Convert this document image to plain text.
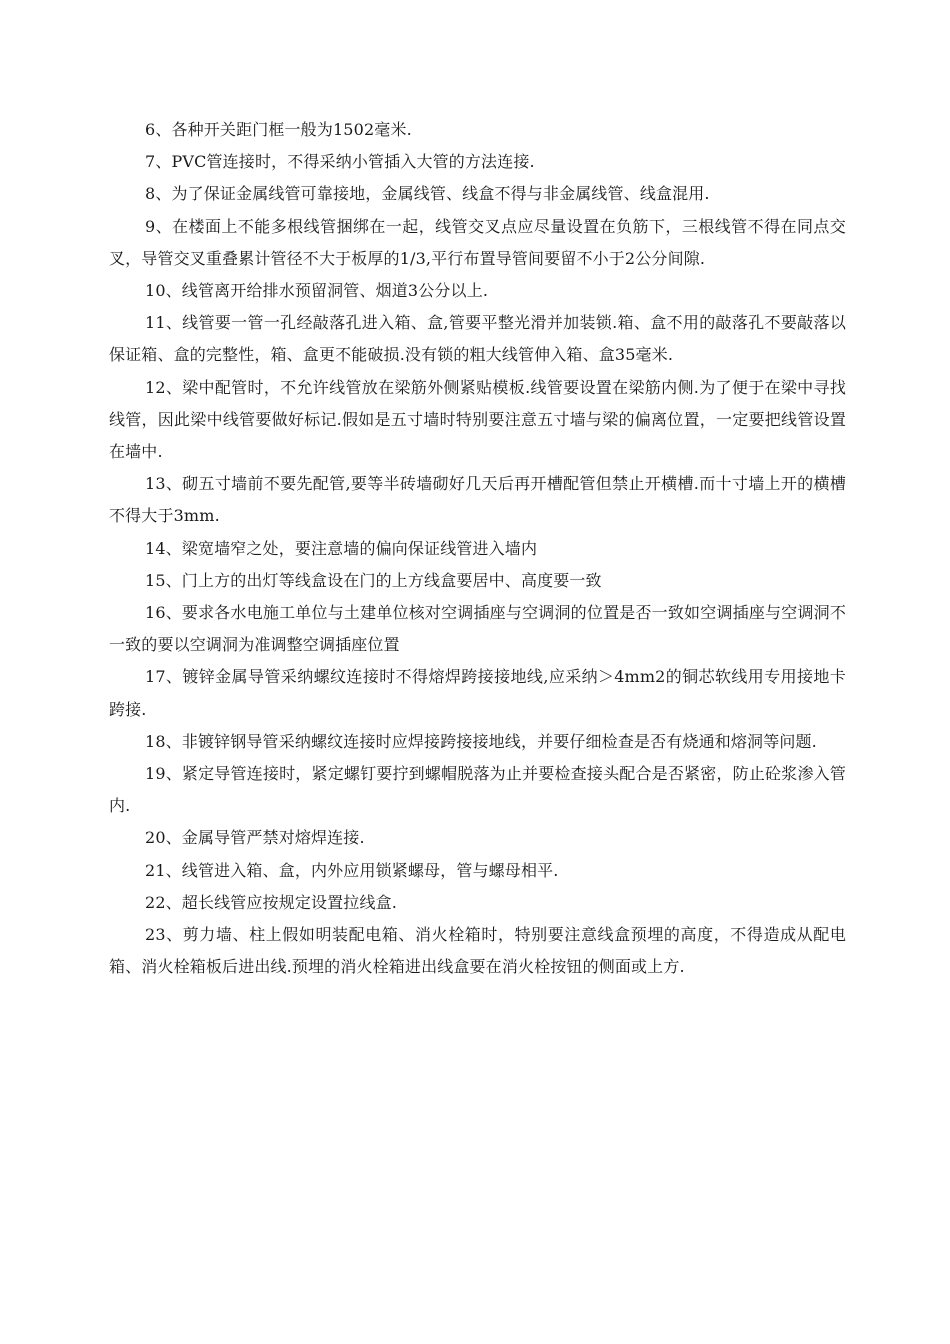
6、各种开关距门框一般为1502毫米.

7、PVC管连接时，不得采纳小管插入大管的方法连接.

8、为了保证金属线管可靠接地，金属线管、线盒不得与非金属线管、线盒混用.

9、在楼面上不能多根线管捆绑在一起，线管交叉点应尽量设置在负筋下，三根线管不得在同点交叉，导管交叉重叠累计管径不大于板厚的1/3,平行布置导管间要留不小于2公分间隙.

10、线管离开给排水预留洞管、烟道3公分以上.

11、线管要一管一孔经敲落孔进入箱、盒,管要平整光滑并加装锁.箱、盒不用的敲落孔不要敲落以保证箱、盒的完整性，箱、盒更不能破损.没有锁的粗大线管伸入箱、盒35毫米.

12、梁中配管时，不允许线管放在梁筋外侧紧贴模板.线管要设置在梁筋内侧.为了便于在梁中寻找线管，因此梁中线管要做好标记.假如是五寸墙时特别要注意五寸墙与梁的偏离位置，一定要把线管设置在墙中.

13、砌五寸墙前不要先配管,要等半砖墙砌好几天后再开槽配管但禁止开横槽.而十寸墙上开的横槽不得大于3mm.

14、梁宽墙窄之处，要注意墙的偏向保证线管进入墙内

15、门上方的出灯等线盒设在门的上方线盒要居中、高度要一致

16、要求各水电施工单位与土建单位核对空调插座与空调洞的位置是否一致如空调插座与空调洞不一致的要以空调洞为准调整空调插座位置

17、镀锌金属导管采纳螺纹连接时不得熔焊跨接接地线,应采纳＞4mm2的铜芯软线用专用接地卡跨接.

18、非镀锌钢导管采纳螺纹连接时应焊接跨接接地线，并要仔细检查是否有烧通和熔洞等问题.

19、紧定导管连接时，紧定螺钉要拧到螺帽脱落为止并要检查接头配合是否紧密，防止砼浆渗入管内.

20、金属导管严禁对熔焊连接.

21、线管进入箱、盒，内外应用锁紧螺母，管与螺母相平.

22、超长线管应按规定设置拉线盒.

23、剪力墙、柱上假如明装配电箱、消火栓箱时，特别要注意线盒预埋的高度，不得造成从配电箱、消火栓箱板后进出线.预埋的消火栓箱进出线盒要在消火栓按钮的侧面或上方.
